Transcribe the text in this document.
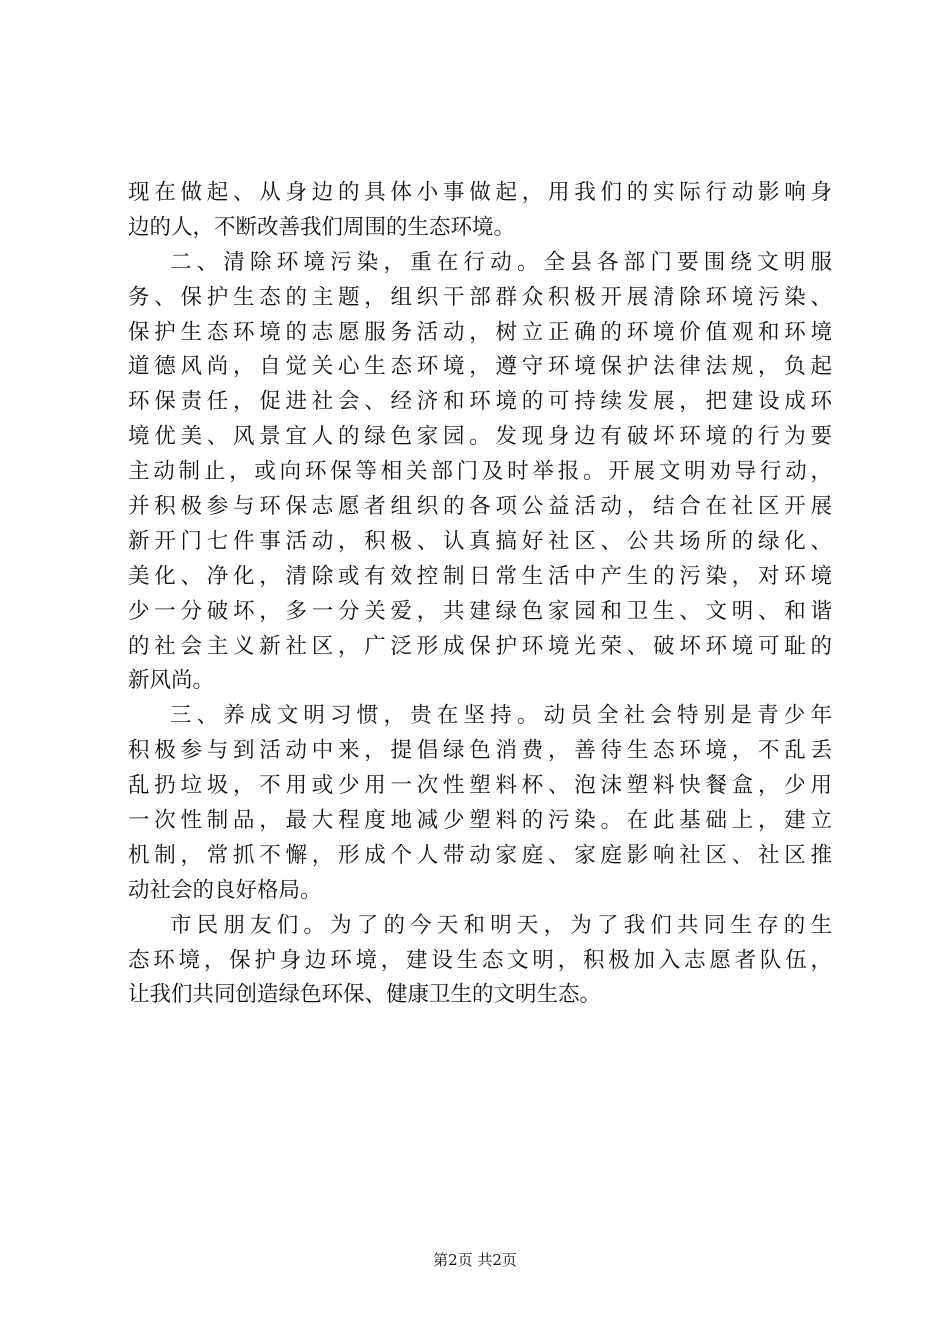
现在做起、从身边的具体小事做起，用我们的实际行动影响身
边的人，不断改善我们周围的生态环境。
二、清除环境污染，重在行动。全县各部门要围绕文明服
务、保护生态的主题，组织干部群众积极开展清除环境污染、
保护生态环境的志愿服务活动，树立正确的环境价值观和环境
道德风尚，自觉关心生态环境，遵守环境保护法律法规，负起
环保责任，促进社会、经济和环境的可持续发展，把建设成环
境优美、风景宜人的绿色家园。发现身边有破坏环境的行为要
主动制止，或向环保等相关部门及时举报。开展文明劝导行动，
并积极参与环保志愿者组织的各项公益活动，结合在社区开展
新开门七件事活动，积极、认真搞好社区、公共场所的绿化、
美化、净化，清除或有效控制日常生活中产生的污染，对环境
少一分破坏，多一分关爱，共建绿色家园和卫生、文明、和谐
的社会主义新社区，广泛形成保护环境光荣、破坏环境可耻的
新风尚。
三、养成文明习惯，贵在坚持。动员全社会特别是青少年
积极参与到活动中来，提倡绿色消费，善待生态环境，不乱丢
乱扔垃圾，不用或少用一次性塑料杯、泡沫塑料快餐盒，少用
一次性制品，最大程度地减少塑料的污染。在此基础上，建立
机制，常抓不懈，形成个人带动家庭、家庭影响社区、社区推
动社会的良好格局。
市民朋友们。为了的今天和明天，为了我们共同生存的生
态环境，保护身边环境，建设生态文明，积极加入志愿者队伍，
让我们共同创造绿色环保、健康卫生的文明生态。
第2页 共2页
